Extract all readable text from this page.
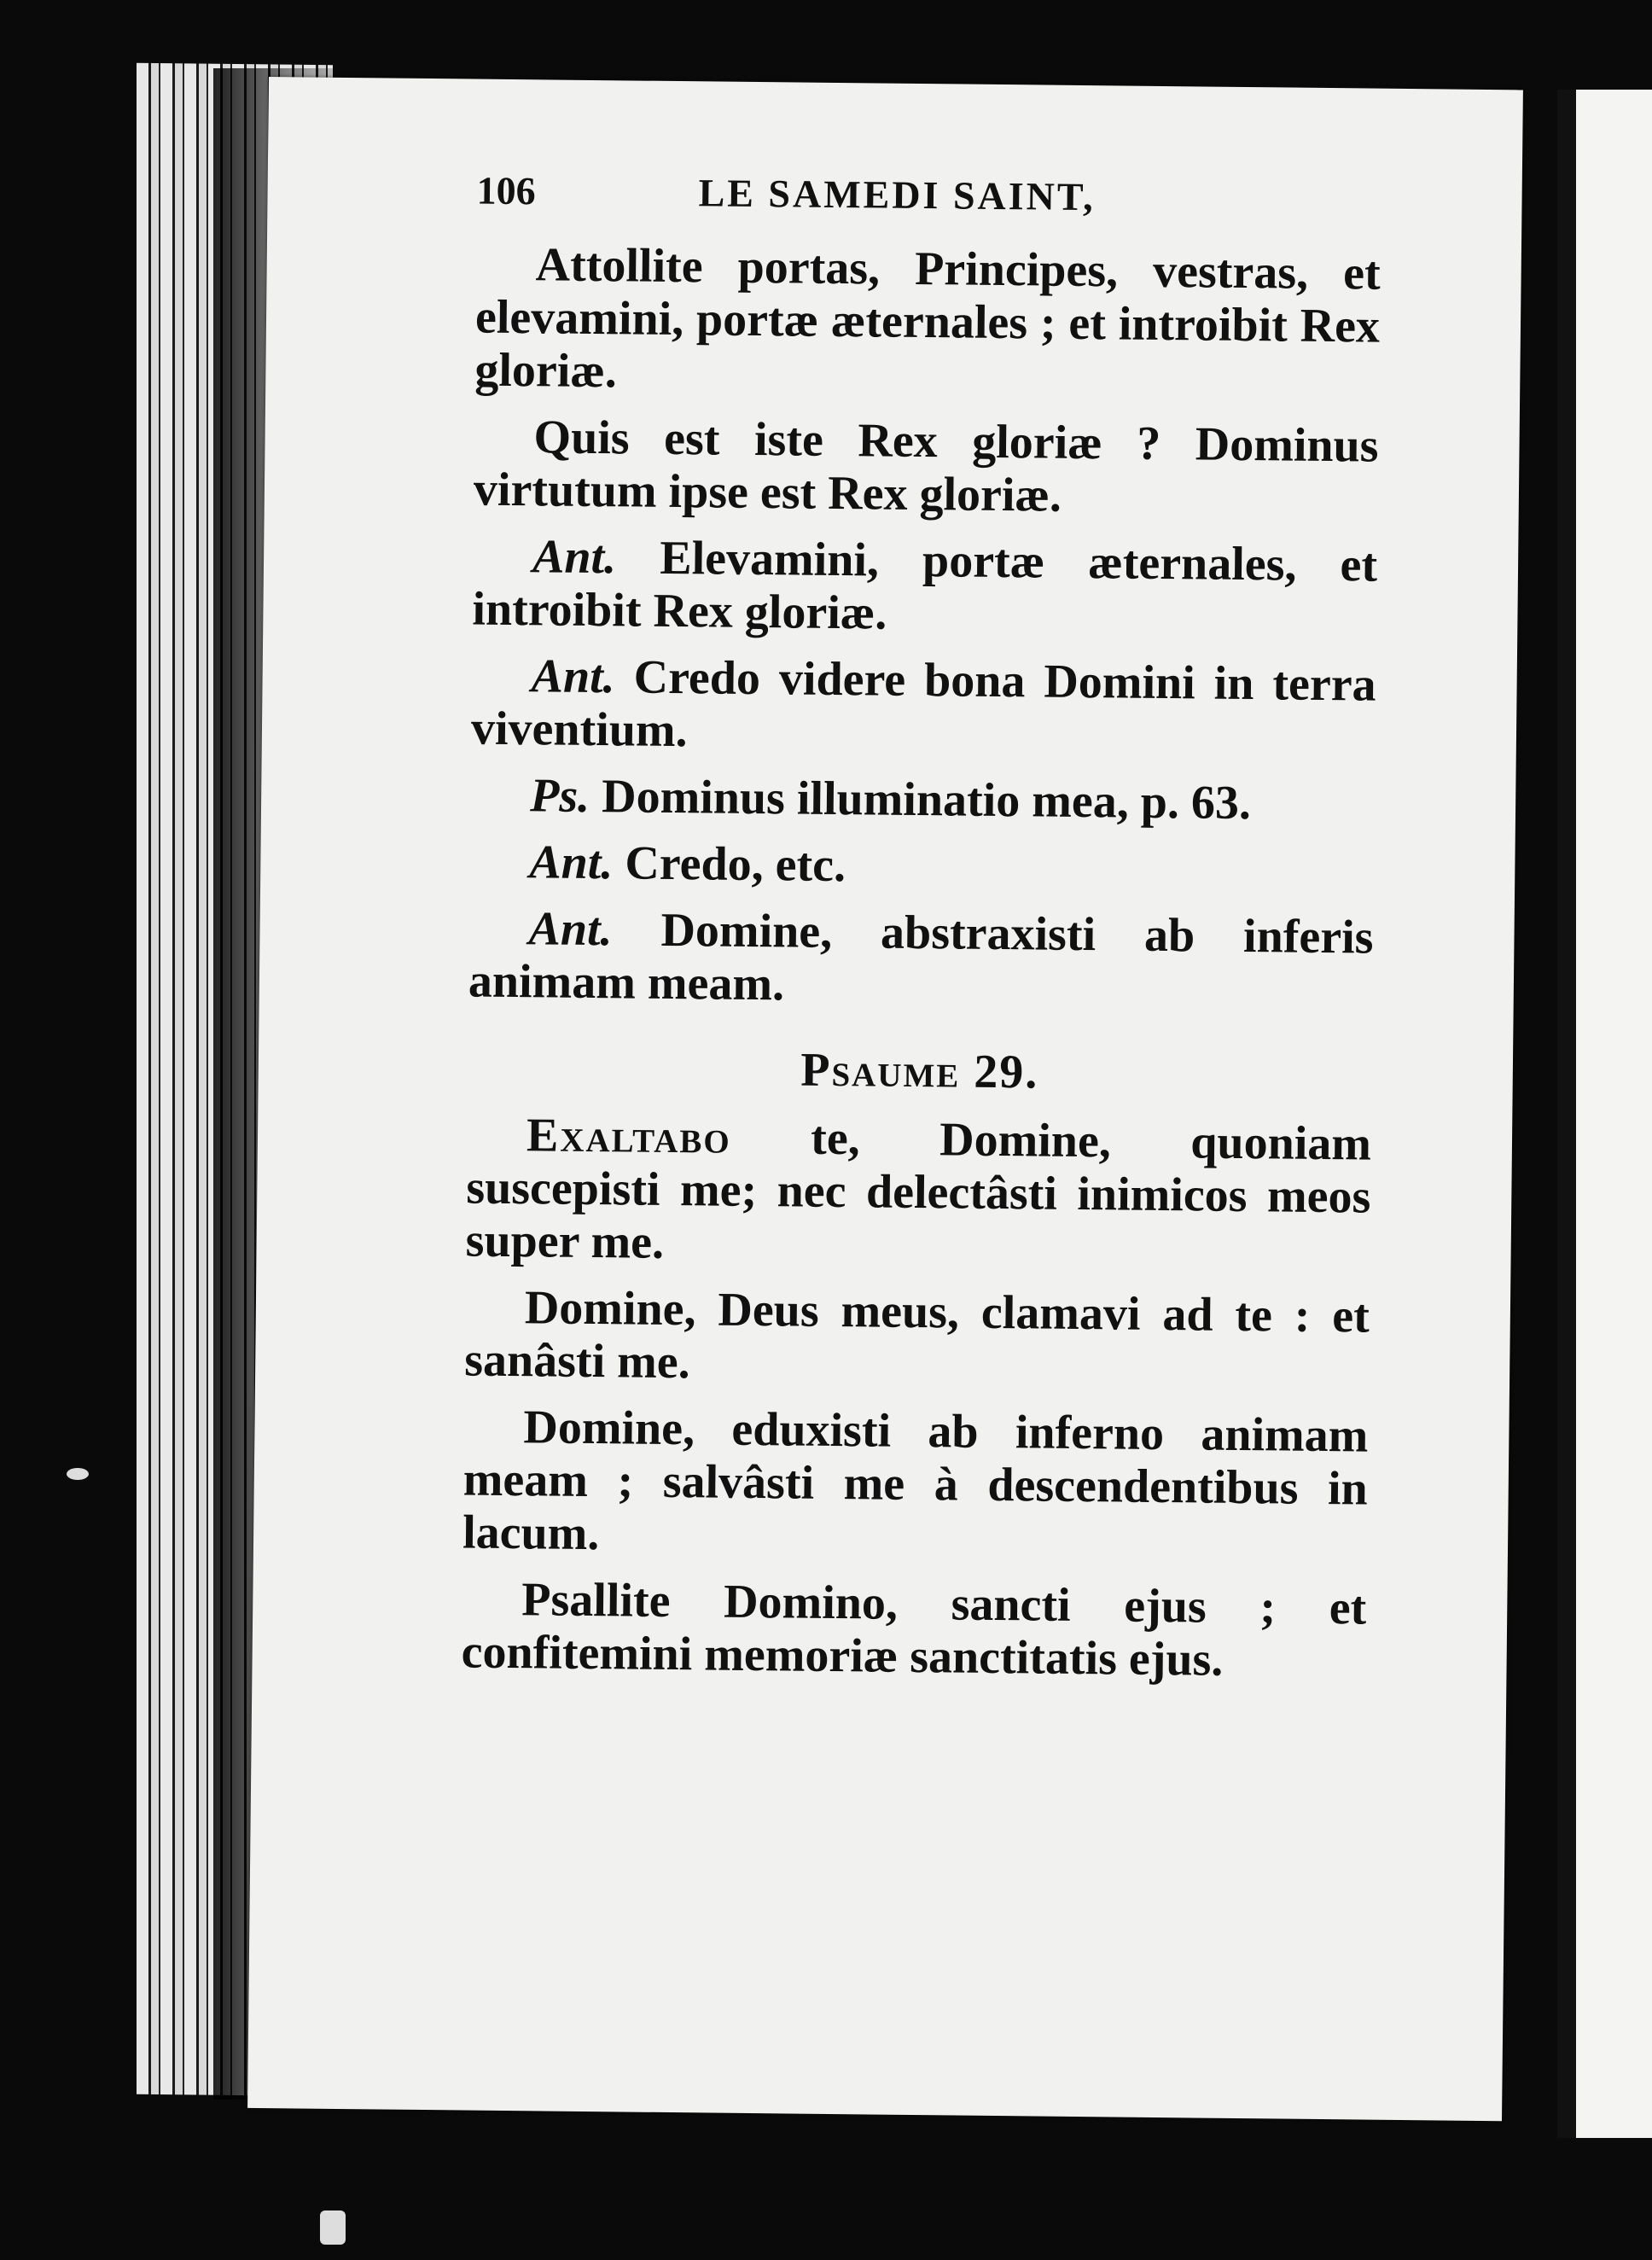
106	LE SAMEDI SAINT,

Attollite portas, Principes, vestras, et elevamini, portæ æternales ; et introibit Rex gloriæ.

Quis est iste Rex gloriæ ? Dominus virtutum ipse est Rex gloriæ.

Ant. Elevamini, portæ æternales, et introibit Rex gloriæ.

Ant. Credo videre bona Domini in terra viventium.

Ps. Dominus illuminatio mea, p. 63.

Ant. Credo, etc.

Ant. Domine, abstraxisti ab inferis animam meam.

Psaume 29.

Exaltabo te, Domine, quoniam suscepisti me; nec delectâsti inimicos meos super me.

Domine, Deus meus, clamavi ad te : et sanâsti me.

Domine, eduxisti ab inferno animam meam ; salvâsti me à descendentibus in lacum.

Psallite Domino, sancti ejus ; et confitemini memoriæ sanctitatis ejus.
